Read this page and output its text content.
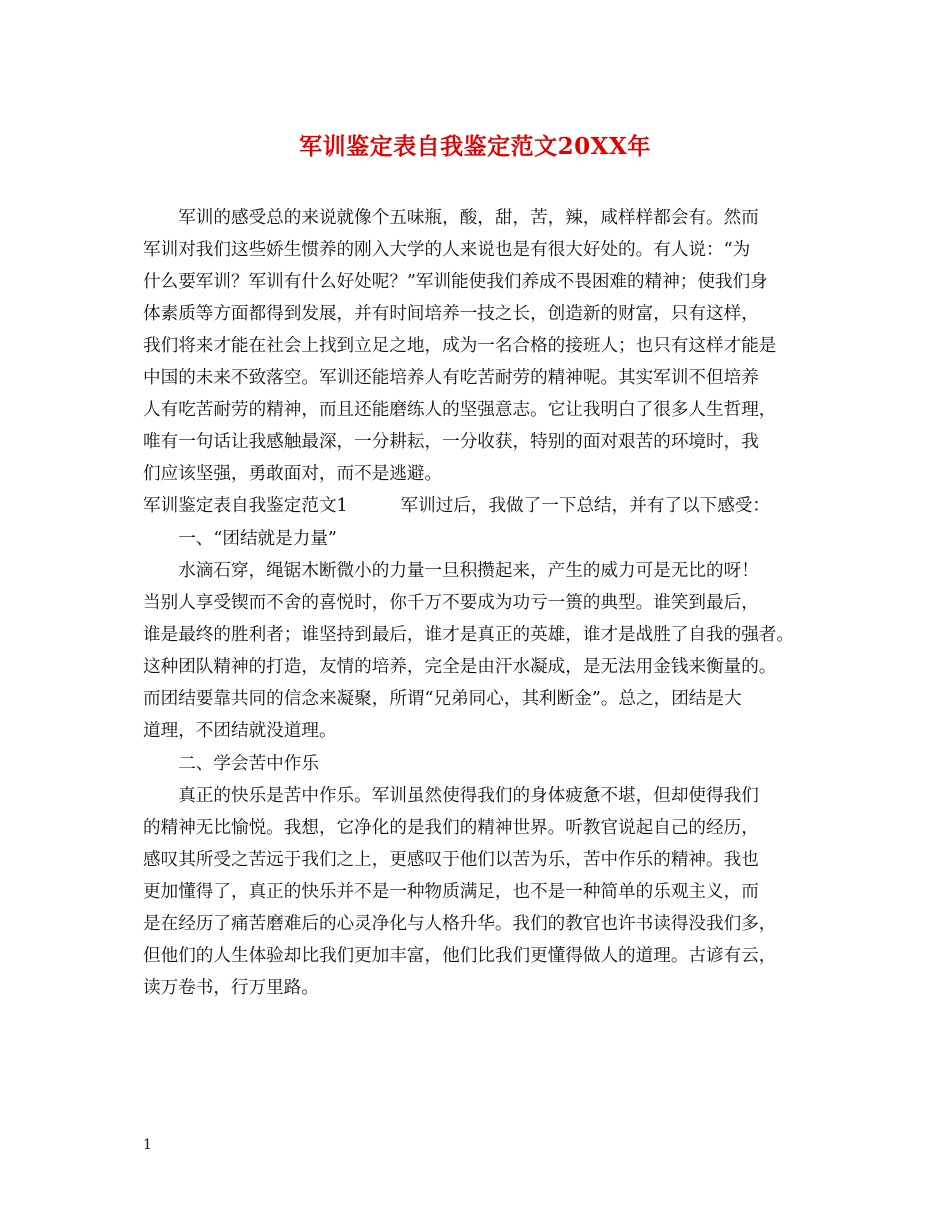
军训鉴定表自我鉴定范文20XX年
　　军训的感受总的来说就像个五味瓶，酸，甜，苦，辣，咸样样都会有。然而
军训对我们这些娇生惯养的刚入大学的人来说也是有很大好处的。有人说：“为
什么要军训？军训有什么好处呢？”军训能使我们养成不畏困难的精神；使我们身
体素质等方面都得到发展，并有时间培养一技之长，创造新的财富，只有这样，
我们将来才能在社会上找到立足之地，成为一名合格的接班人；也只有这样才能是
中国的未来不致落空。军训还能培养人有吃苦耐劳的精神呢。其实军训不但培养
人有吃苦耐劳的精神，而且还能磨练人的坚强意志。它让我明白了很多人生哲理，
唯有一句话让我感触最深，一分耕耘，一分收获，特别的面对艰苦的环境时，我
们应该坚强，勇敢面对，而不是逃避。
军训鉴定表自我鉴定范文1　　　军训过后，我做了一下总结，并有了以下感受：
　　一、“团结就是力量”
　　水滴石穿，绳锯木断微小的力量一旦积攒起来，产生的威力可是无比的呀！
当别人享受锲而不舍的喜悦时，你千万不要成为功亏一篑的典型。谁笑到最后，
谁是最终的胜利者；谁坚持到最后，谁才是真正的英雄，谁才是战胜了自我的强者。
这种团队精神的打造，友情的培养，完全是由汗水凝成，是无法用金钱来衡量的。
而团结要靠共同的信念来凝聚，所谓“兄弟同心，其利断金”。总之，团结是大
道理，不团结就没道理。
　　二、学会苦中作乐
　　真正的快乐是苦中作乐。军训虽然使得我们的身体疲惫不堪，但却使得我们
的精神无比愉悦。我想，它净化的是我们的精神世界。听教官说起自己的经历，
感叹其所受之苦远于我们之上，更感叹于他们以苦为乐，苦中作乐的精神。我也
更加懂得了，真正的快乐并不是一种物质满足，也不是一种简单的乐观主义，而
是在经历了痛苦磨难后的心灵净化与人格升华。我们的教官也许书读得没我们多，
但他们的人生体验却比我们更加丰富，他们比我们更懂得做人的道理。古谚有云，
读万卷书，行万里路。
1
